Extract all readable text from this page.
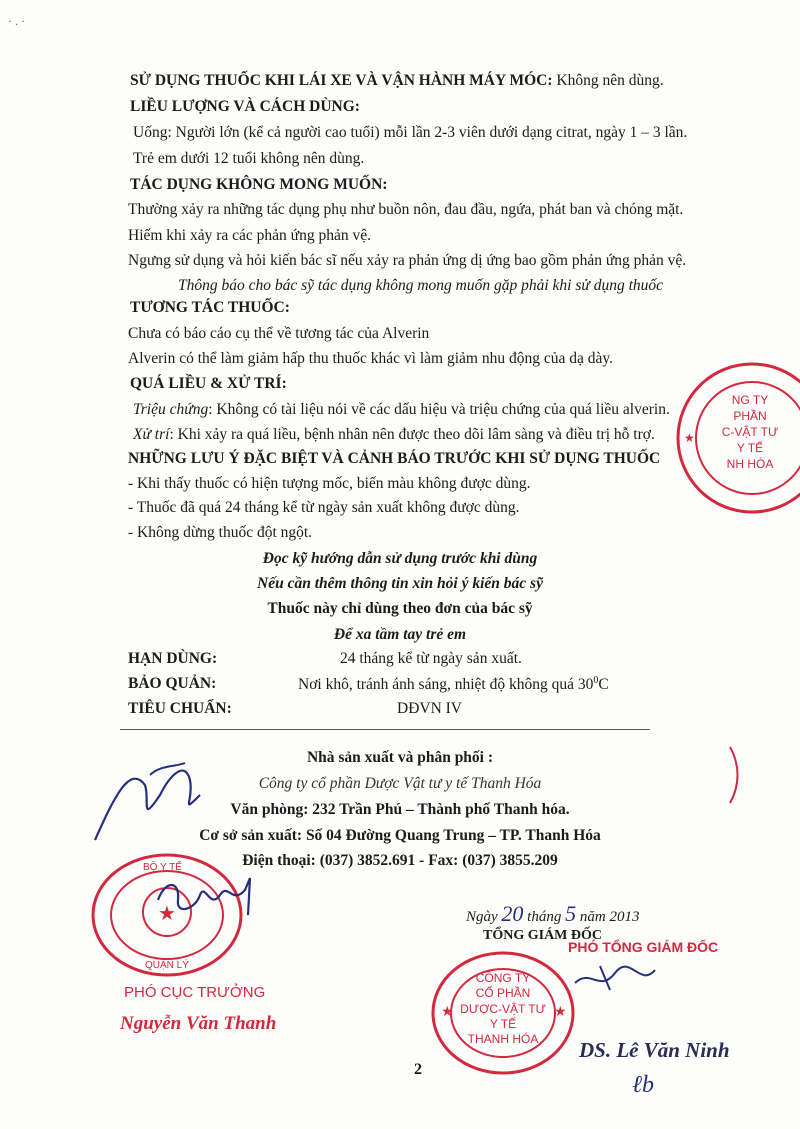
·.·
SỬ DỤNG THUỐC KHI LÁI XE VÀ VẬN HÀNH MÁY MÓC: Không nên dùng.
LIỀU LƯỢNG VÀ CÁCH DÙNG:
Uống: Người lớn (kể cả người cao tuổi) mỗi lần 2-3 viên dưới dạng citrat, ngày 1 – 3 lần.
Trẻ em dưới 12 tuổi không nên dùng.
TÁC DỤNG KHÔNG MONG MUỐN:
Thường xảy ra những tác dụng phụ như buồn nôn, đau đầu, ngứa, phát ban và chóng mặt.
Hiếm khi xảy ra các phản ứng phản vệ.
Ngưng sử dụng và hỏi kiến bác sĩ nếu xảy ra phản ứng dị ứng bao gồm phản ứng phản vệ.
Thông báo cho bác sỹ tác dụng không mong muốn gặp phải khi sử dụng thuốc
TƯƠNG TÁC THUỐC:
Chưa có báo cáo cụ thể về tương tác của Alverin
Alverin có thể làm giảm hấp thu thuốc khác vì làm giảm nhu động của dạ dày.
QUÁ LIỀU & XỬ TRÍ:
Triệu chứng: Không có tài liệu nói về các dấu hiệu và triệu chứng của quá liều alverin.
Xử trí: Khi xảy ra quá liều, bệnh nhân nên được theo dõi lâm sàng và điều trị hỗ trợ.
NHỮNG LƯU Ý ĐẶC BIỆT VÀ CẢNH BÁO TRƯỚC KHI SỬ DỤNG THUỐC
- Khi thấy thuốc có hiện tượng mốc, biến màu không được dùng.
- Thuốc đã quá 24 tháng kể từ ngày sản xuất không được dùng.
- Không dừng thuốc đột ngột.
Đọc kỹ hướng dẫn sử dụng trước khi dùng
Nếu cần thêm thông tin xin hỏi ý kiến bác sỹ
Thuốc này chỉ dùng theo đơn của bác sỹ
Để xa tầm tay trẻ em
HẠN DÙNG:	24 tháng kể từ ngày sản xuất.
BẢO QUẢN:	Nơi khô, tránh ánh sáng, nhiệt độ không quá $30^0C$
TIÊU CHUẨN:	DĐVN IV
Nhà sản xuất và phân phối :
Công ty cổ phần Dược Vật tư y tế Thanh Hóa
Văn phòng: 232 Trần Phú – Thành phố Thanh hóa.
Cơ sở sản xuất: Số 04 Đường Quang Trung – TP. Thanh Hóa
Điện thoại: (037) 3852.691 - Fax: (037) 3855.209
Ngày 20 tháng 5 năm 2013
TỔNG GIÁM ĐỐC
PHÓ TỔNG GIÁM ĐỐC
CÔNG TY
CỔ PHẦN
DƯỢC-VẬT TƯ
Y TẾ
THANH HÓA
★	★
DS. Lê Văn Ninh
ℓb
NG TY
PHẦN
C-VẬT TƯ
Y TẾ
NH HÓA
★
★
BỘ Y TẾ
QUẬN LÝ
PHÓ CỤC TRƯỞNG
Nguyễn Văn Thanh
2
